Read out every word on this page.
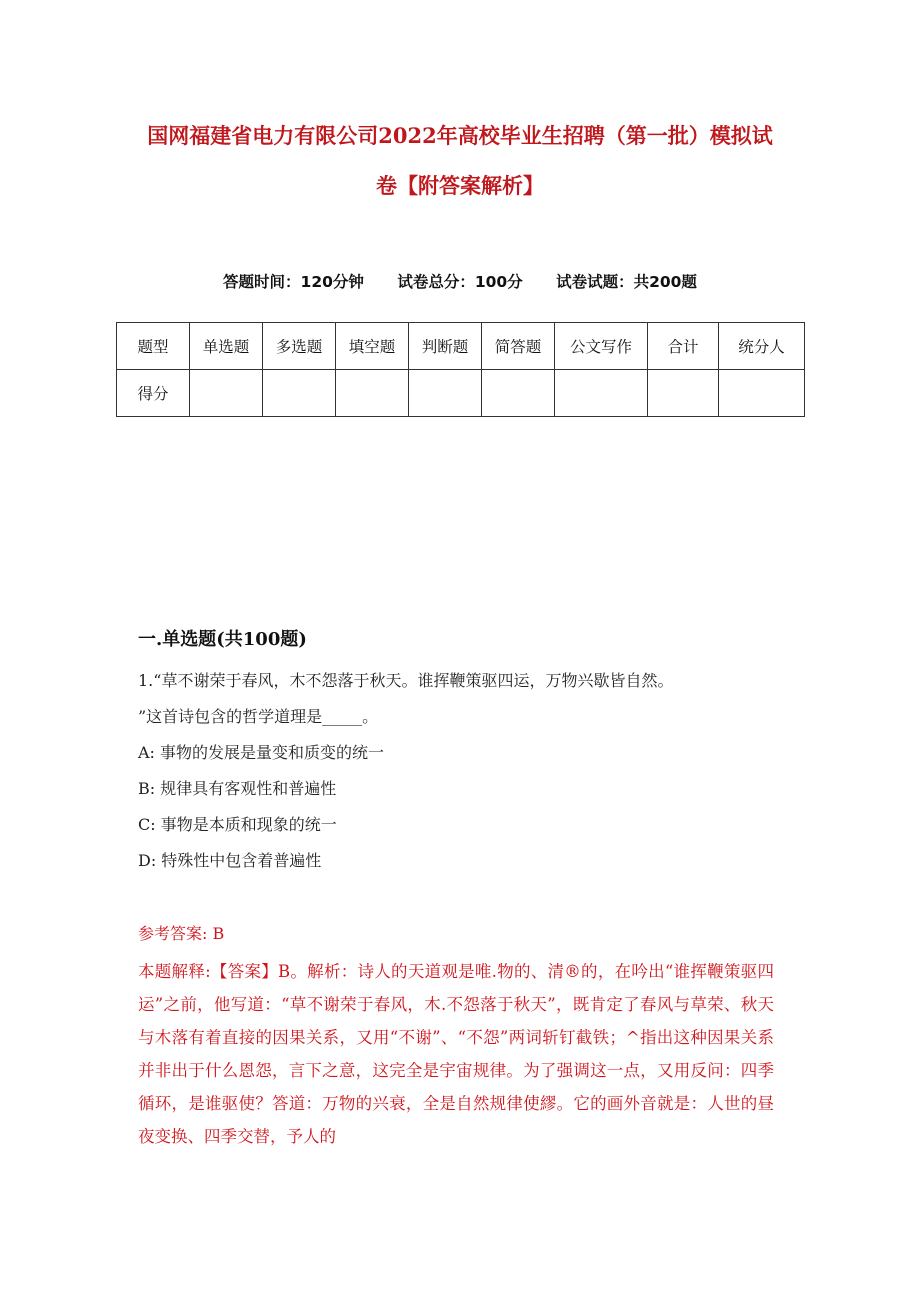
国网福建省电力有限公司2022年高校毕业生招聘（第一批）模拟试
卷【附答案解析】
答题时间：120分钟 试卷总分：100分 试卷试题：共200题
题型	单选题	多选题	填空题	判断题	简答题	公文写作	合计	统分人
得分								
一.单选题(共100题)
1.“草不谢荣于春风，木不怨落于秋天。谁挥鞭策驱四运，万物兴歇皆自然。
”这首诗包含的哲学道理是_____。
A: 事物的发展是量变和质变的统一
B: 规律具有客观性和普遍性
C: 事物是本质和现象的统一
D: 特殊性中包含着普遍性
参考答案: B
本题解释:【答案】B。解析：诗人的天道观是唯.物的、清®的，在吟出“谁挥鞭策驱四运”之前，他写道：“草不谢荣于春风，木.不怨落于秋天”，既肯定了春风与草荣、秋天与木落有着直接的因果关系，又用“不谢”、“不怨”两词斩钉截铁；^指出这种因果关系并非出于什么恩怨，言下之意，这完全是宇宙规律。为了强调这一点，又用反问：四季循环，是谁驱使？答道：万物的兴衰，全是自然规律使繆。它的画外音就是：人世的昼夜变换、四季交替，予人的
